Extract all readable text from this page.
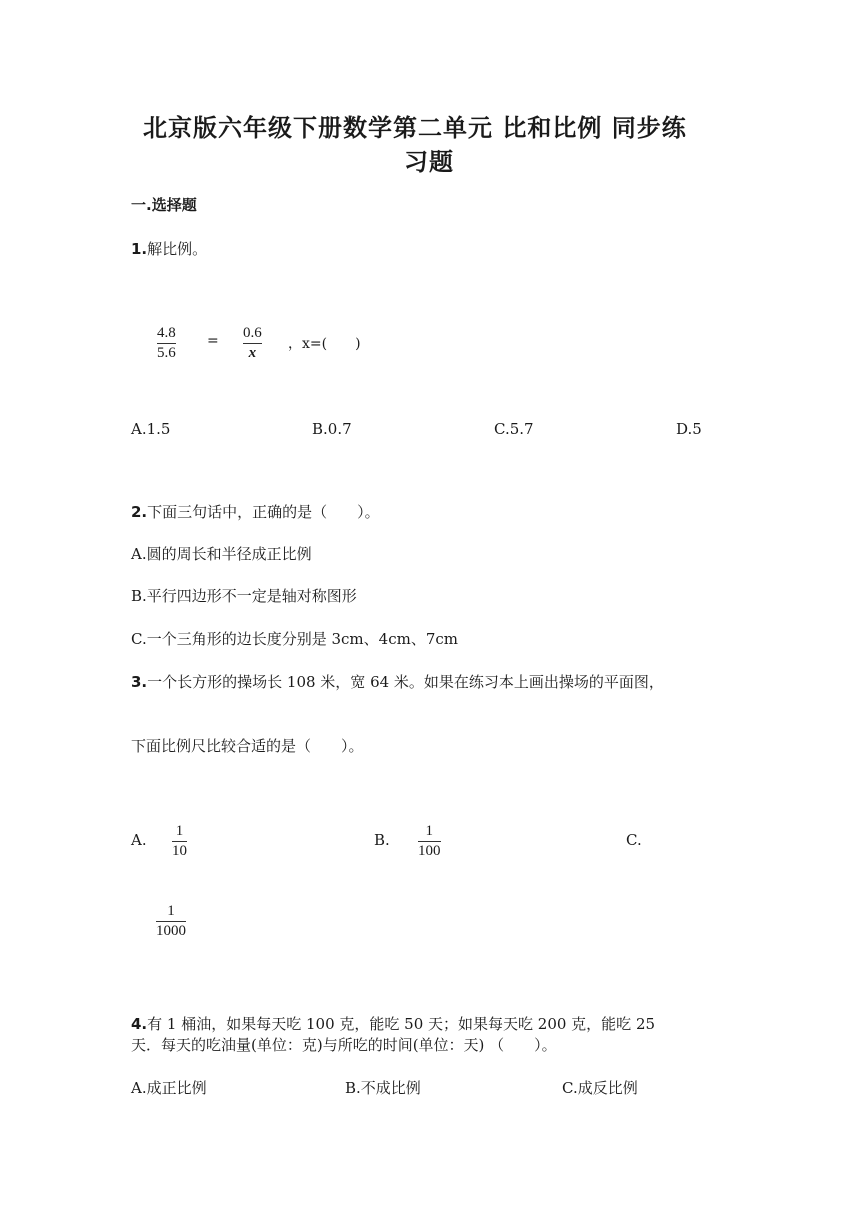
北京版六年级下册数学第二单元 比和比例 同步练
习题
一.选择题
1.解比例。
4.8
5.6
= 0.6
x
，x=(　　)
A.1.5	B.0.7	C.5.7	D.5
2.下面三句话中，正确的是（　　）。
A.圆的周长和半径成正比例
B.平行四边形不一定是轴对称图形
C.一个三角形的边长度分别是 3cm、4cm、7cm
3.一个长方形的操场长 108 米，宽 64 米。如果在练习本上画出操场的平面图，
下面比例尺比较合适的是（　　）。
A. 1
10
B. 1
100
C.
1
1000
4.有 1 桶油，如果每天吃 100 克，能吃 50 天；如果每天吃 200 克，能吃 25
天．每天的吃油量(单位：克)与所吃的时间(单位：天) （　　）。
A.成正比例	B.不成比例	C.成反比例
